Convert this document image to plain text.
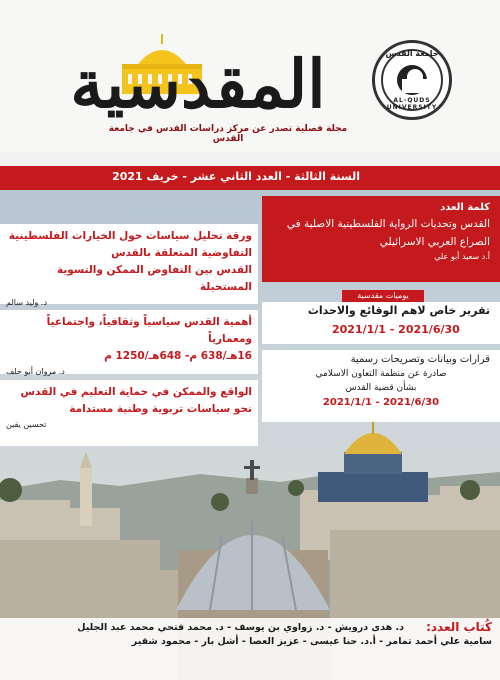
جامعة القدس
AL-QUDS UNIVERSITY
المقدسية
مجلة فصلية تصدر عن مركز دراسات القدس في جامعة القدس
السنة الثالثة - العدد الثاني عشر - خريف 2021
ورقة تحليل سياسات حول الخيارات الفلسطينية
التفاوضية المتعلقة بالقدس
القدس بين التفاوض الممكن والتسوية المستحيلة
د. وليد سالم
أهمية القدس سياسياً وثقافياً، واجتماعياً ومعمارياً
16هـ/638 م- 648هـ/1250 م
د. مروان أبو خلف
الواقع والممكن في حماية التعليم في القدس
نحو سياسات تربوية وطنية مستدامة
تحسين يقين
كلمة العدد
القدس وتحديات الرواية الفلسطينية الاصلية في الصراع العربي الاسرائيلي
أ.د سعيد أبو علي
يوميات مقدسية
تقرير خاص لاهم الوقائع والاحداث
2021/1/1 - 2021/6/30
قرارات وبيانات وتصريحات رسمية
صادرة عن منظمة التعاون الاسلامي
بشأن قضية القدس
2021/1/1 - 2021/6/30
كُتاب العدد:
د. هدى درويش - د. زواوي بن يوسف - د. محمد فتحي محمد عبد الجليل
سامية علي أحمد تمامر - أ.د. حنا عيسى - عزيز العصا - أشل بار - محمود شقير
